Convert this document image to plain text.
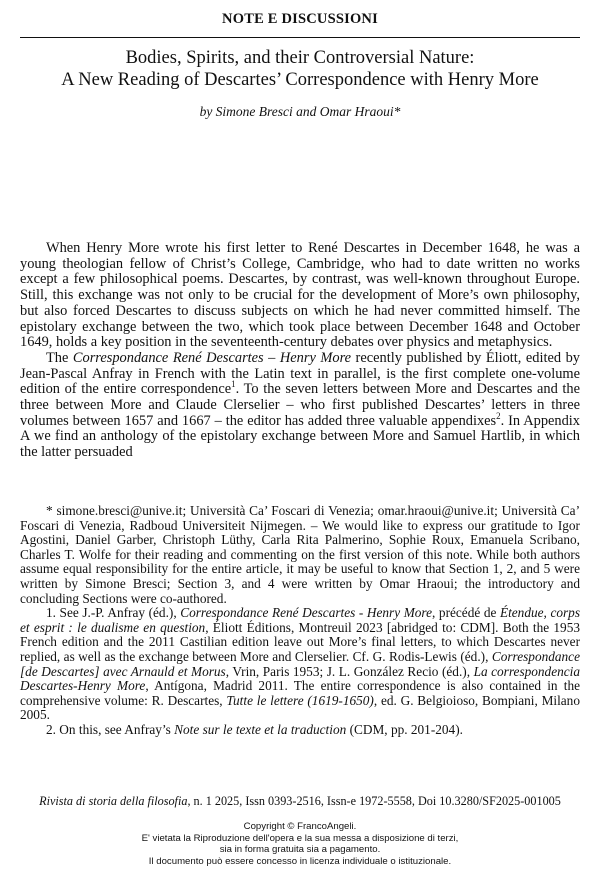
NOTE E DISCUSSIONI
Bodies, Spirits, and their Controversial Nature:
A New Reading of Descartes’ Correspondence with Henry More
by Simone Bresci and Omar Hraoui*

When Henry More wrote his first letter to René Descartes in December 1648, he was a young theologian fellow of Christ’s College, Cambridge, who had to date written no works except a few philosophical poems. Descartes, by contrast, was well-known throughout Europe. Still, this exchange was not only to be crucial for the development of More’s own philosophy, but also forced Descartes to discuss subjects on which he had never committed himself. The epistolary exchange between the two, which took place between December 1648 and October 1649, holds a key position in the seventeenth-century debates over physics and metaphysics.

The Correspondance René Descartes – Henry More recently published by Éliott, edited by Jean-Pascal Anfray in French with the Latin text in parallel, is the first complete one-volume edition of the entire correspondence$^1$. To the seven letters between More and Descartes and the three between More and Claude Clerselier – who first published Descartes’ letters in three volumes between 1657 and 1667 – the editor has added three valuable appendixes$^2$. In Appendix A we find an anthology of the epistolary exchange between More and Samuel Hartlib, in which the latter persuaded

* simone.bresci@unive.it; Università Ca’ Foscari di Venezia; omar.hraoui@unive.it; Università Ca’ Foscari di Venezia, Radboud Universiteit Nijmegen. – We would like to express our gratitude to Igor Agostini, Daniel Garber, Christoph Lüthy, Carla Rita Palmerino, Sophie Roux, Emanuela Scribano, Charles T. Wolfe for their reading and commenting on the first version of this note. While both authors assume equal responsibility for the entire article, it may be useful to know that Section 1, 2, and 5 were written by Simone Bresci; Section 3, and 4 were written by Omar Hraoui; the introductory and concluding Sections were co-authored.

1. See J.-P. Anfray (éd.), Correspondance René Descartes - Henry More, précédé de Étendue, corps et esprit : le dualisme en question, Éliott Éditions, Montreuil 2023 [abridged to: CDM]. Both the 1953 French edition and the 2011 Castilian edition leave out More’s final letters, to which Descartes never replied, as well as the exchange between More and Clerselier. Cf. G. Rodis-Lewis (éd.), Correspondance [de Descartes] avec Arnauld et Morus, Vrin, Paris 1953; J. L. González Recio (éd.), La correspondencia Descartes-Henry More, Antígona, Madrid 2011. The entire correspondence is also contained in the comprehensive volume: R. Descartes, Tutte le lettere (1619-1650), ed. G. Belgioioso, Bompiani, Milano 2005.

2. On this, see Anfray’s Note sur le texte et la traduction (CDM, pp. 201-204).

Rivista di storia della filosofia, n. 1 2025, Issn 0393-2516, Issn-e 1972-5558, Doi 10.3280/SF2025-001005
Copyright © FrancoAngeli.
E' vietata la Riproduzione dell'opera e la sua messa a disposizione di terzi,
sia in forma gratuita sia a pagamento.
Il documento può essere concesso in licenza individuale o istituzionale.
